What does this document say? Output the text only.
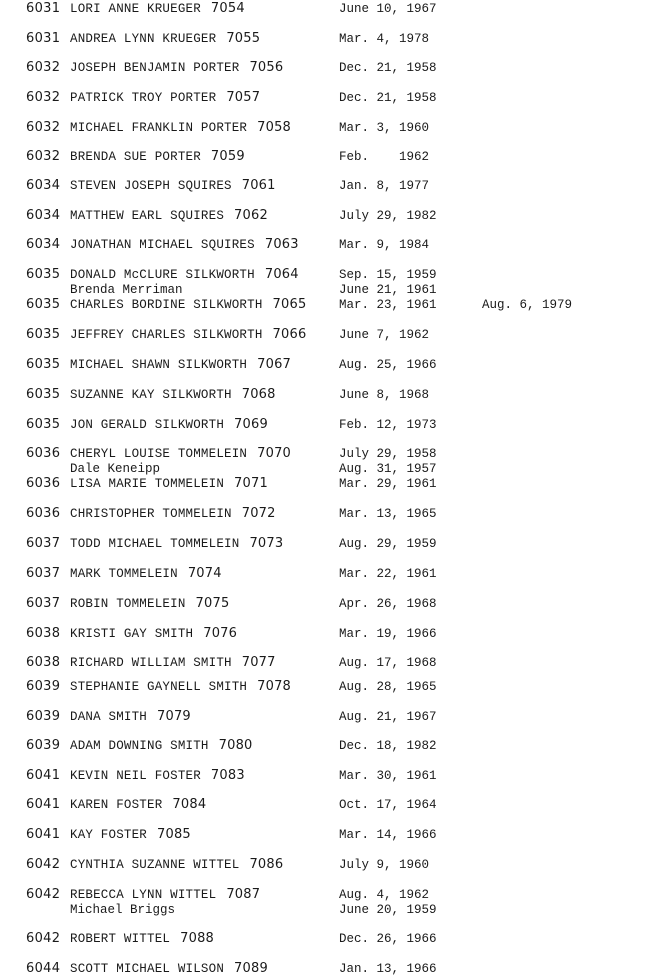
6031 LORI ANNE KRUEGER 7054	June 10, 1967
6031 ANDREA LYNN KRUEGER 7055	Mar. 4, 1978
6032 JOSEPH BENJAMIN PORTER 7056	Dec. 21, 1958
6032 PATRICK TROY PORTER 7057	Dec. 21, 1958
6032 MICHAEL FRANKLIN PORTER 7058	Mar. 3, 1960
6032 BRENDA SUE PORTER 7059	Feb.    1962
6034 STEVEN JOSEPH SQUIRES 7061	Jan. 8, 1977
6034 MATTHEW EARL SQUIRES 7062	July 29, 1982
6034 JONATHAN MICHAEL SQUIRES 7063	Mar. 9, 1984
6035 DONALD McCLURE SILKWORTH 7064	Sep. 15, 1959
Brenda Merriman	June 21, 1961
6035 CHARLES BORDINE SILKWORTH 7065	Mar. 23, 1961	Aug. 6, 1979
6035 JEFFREY CHARLES SILKWORTH 7066	June 7, 1962
6035 MICHAEL SHAWN SILKWORTH 7067	Aug. 25, 1966
6035 SUZANNE KAY SILKWORTH 7068	June 8, 1968
6035 JON GERALD SILKWORTH 7069	Feb. 12, 1973
6036 CHERYL LOUISE TOMMELEIN 7070	July 29, 1958
Dale Keneipp	Aug. 31, 1957
6036 LISA MARIE TOMMELEIN 7071	Mar. 29, 1961
6036 CHRISTOPHER TOMMELEIN 7072	Mar. 13, 1965
6037 TODD MICHAEL TOMMELEIN 7073	Aug. 29, 1959
6037 MARK TOMMELEIN 7074	Mar. 22, 1961
6037 ROBIN TOMMELEIN 7075	Apr. 26, 1968
6038 KRISTI GAY SMITH 7076	Mar. 19, 1966
6038 RICHARD WILLIAM SMITH 7077	Aug. 17, 1968
6039 STEPHANIE GAYNELL SMITH 7078	Aug. 28, 1965
6039 DANA SMITH 7079	Aug. 21, 1967
6039 ADAM DOWNING SMITH 7080	Dec. 18, 1982
6041 KEVIN NEIL FOSTER 7083	Mar. 30, 1961
6041 KAREN FOSTER 7084	Oct. 17, 1964
6041 KAY FOSTER 7085	Mar. 14, 1966
6042 CYNTHIA SUZANNE WITTEL 7086	July 9, 1960
6042 REBECCA LYNN WITTEL 7087	Aug. 4, 1962
Michael Briggs	June 20, 1959
6042 ROBERT WITTEL 7088	Dec. 26, 1966
6044 SCOTT MICHAEL WILSON 7089	Jan. 13, 1966
